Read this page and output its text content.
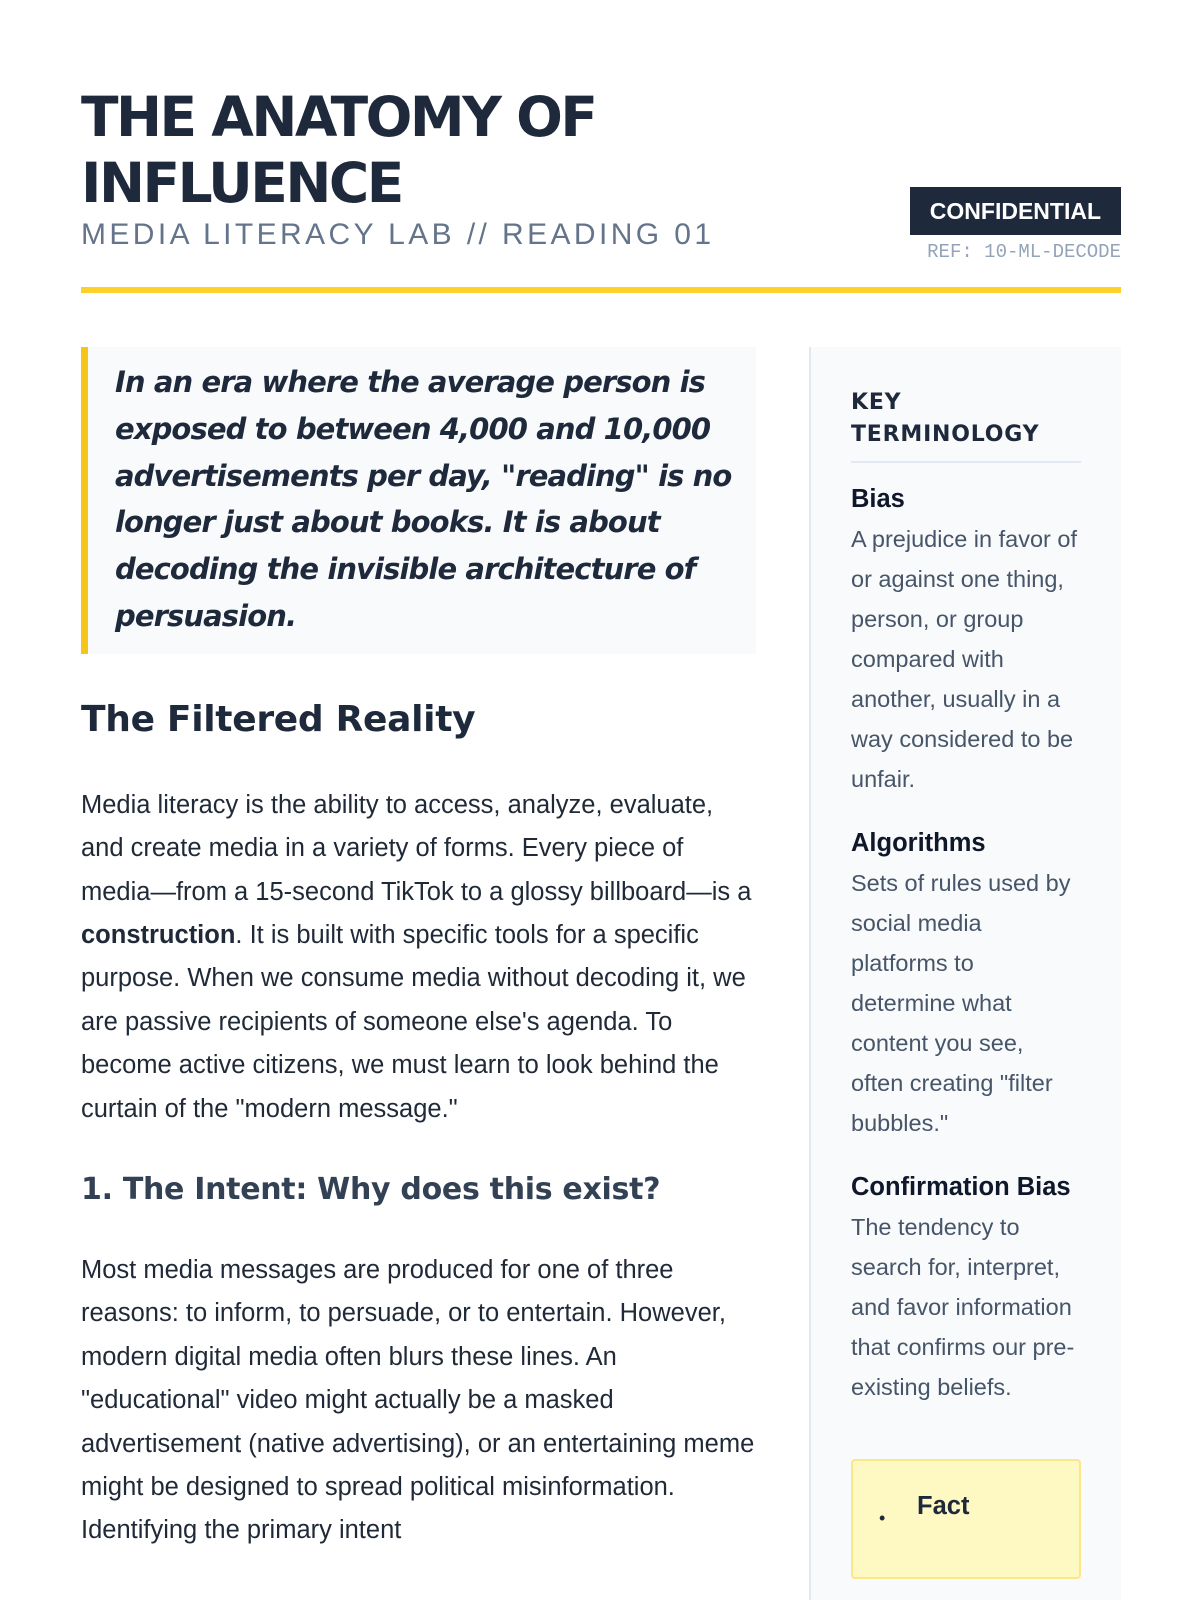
THE ANATOMY OF INFLUENCE
MEDIA LITERACY LAB // READING 01
CONFIDENTIAL
REF: 10-ML-DECODE
In an era where the average person is exposed to between 4,000 and 10,000 advertisements per day, "reading" is no longer just about books. It is about decoding the invisible architecture of persuasion.
The Filtered Reality

Media literacy is the ability to access, analyze, evaluate, and create media in a variety of forms. Every piece of media—from a 15-second TikTok to a glossy billboard—is a construction. It is built with specific tools for a specific purpose. When we consume media without decoding it, we are passive recipients of someone else's agenda. To become active citizens, we must learn to look behind the curtain of the "modern message."

1. The Intent: Why does this exist?

Most media messages are produced for one of three reasons: to inform, to persuade, or to entertain. However, modern digital media often blurs these lines. An "educational" video might actually be a masked advertisement (native advertising), or an entertaining meme might be designed to spread political misinformation. Identifying the primary intent

KEY TERMINOLOGY
Bias
A prejudice in favor of or against one thing, person, or group compared with another, usually in a way considered to be unfair.
Algorithms
Sets of rules used by social media platforms to determine what content you see, often creating "filter bubbles."
Confirmation Bias
The tendency to search for, interpret, and favor information that confirms our pre-existing beliefs.
• Fact
